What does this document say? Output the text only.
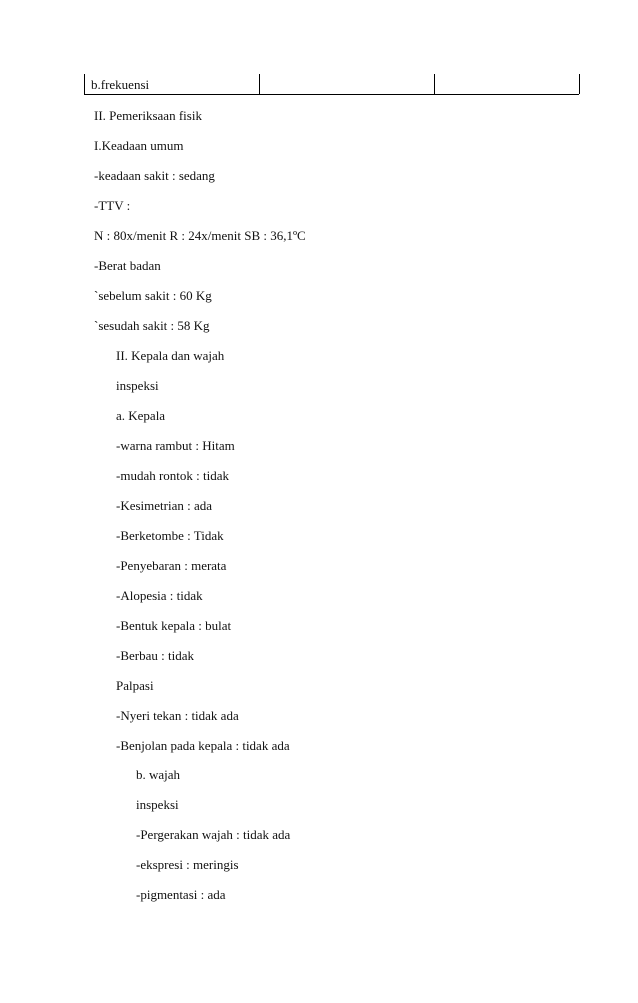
b.frekuensi
II. Pemeriksaan fisik
I.Keadaan umum
-keadaan sakit : sedang
-TTV :
N : 80x/menit R : 24x/menit SB : 36,1ºC
-Berat badan
`sebelum sakit : 60 Kg
`sesudah sakit : 58 Kg
II. Kepala dan wajah
inspeksi
a. Kepala
-warna rambut : Hitam
-mudah rontok : tidak
-Kesimetrian : ada
-Berketombe : Tidak
-Penyebaran : merata
-Alopesia : tidak
-Bentuk kepala : bulat
-Berbau : tidak
Palpasi
-Nyeri tekan : tidak ada
-Benjolan pada kepala : tidak ada
b. wajah
inspeksi
-Pergerakan wajah : tidak ada
-ekspresi : meringis
-pigmentasi : ada
